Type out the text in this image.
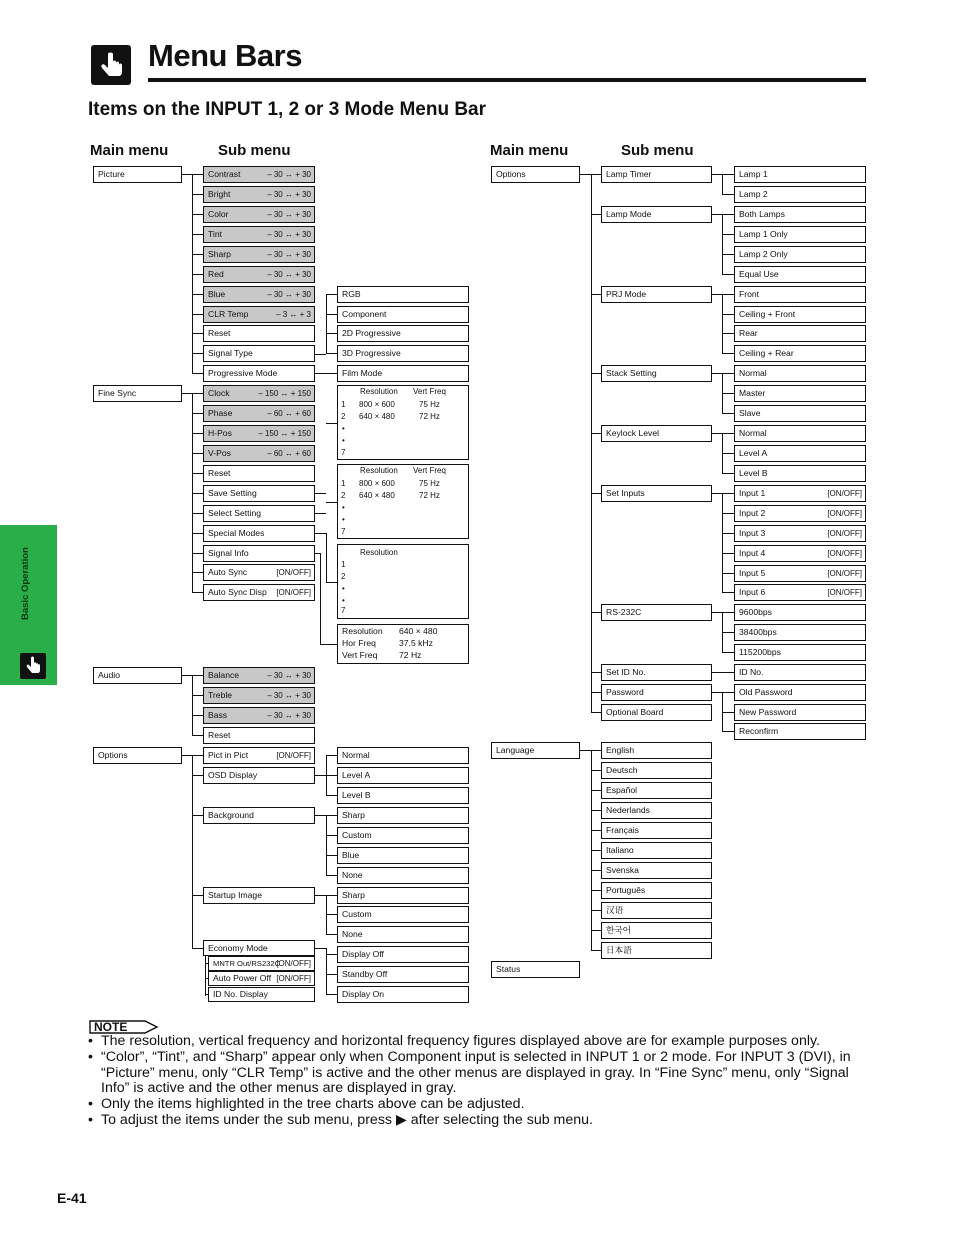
Menu Bars
Items on the INPUT 1, 2 or 3 Mode Menu Bar
Main menu	Sub menu	Main menu	Sub menu
Picture
Fine Sync
Audio
Options
Contrast	– 30 ↔ + 30
Bright	– 30 ↔ + 30
Color	– 30 ↔ + 30
Tint	– 30 ↔ + 30
Sharp	– 30 ↔ + 30
Red	– 30 ↔ + 30
Blue	– 30 ↔ + 30
CLR Temp	– 3 ↔ + 3
Reset
Signal Type
Progressive Mode
Clock	– 150 ↔ + 150
Phase	– 60 ↔ + 60
H-Pos	– 150 ↔ + 150
V-Pos	– 60 ↔ + 60
Reset
Save Setting
Select Setting
Special Modes
Signal Info
Auto Sync	[ON/OFF]
Auto Sync Disp [ON/OFF]
Balance	– 30 ↔ + 30
Treble	– 30 ↔ + 30
Bass	– 30 ↔ + 30
Reset
Pict in Pict	[ON/OFF]
OSD Display
Background
Startup Image
Economy Mode
MNTR Out/RS232C
[ON/OFF]
Auto Power Off [ON/OFF]
ID No. Display
RGB
Component
2D Progressive
3D Progressive
Film Mode
Normal
Level A
Level B
Sharp
Custom
Blue
None
Sharp
Custom
None
Display Off
Standby Off
Display On
Options
Language
Status
Lamp Timer
Lamp Mode
PRJ Mode
Stack Setting
Keylock Level
Set Inputs
RS-232C
Set ID No.
Password
Optional Board
English
Deutsch
Español
Nederlands
Français
Italiano
Svenska
Português
汉语
한국어
日本語
Lamp 1
Lamp 2
Both Lamps
Lamp 1 Only
Lamp 2 Only
Equal Use
Front
Ceiling + Front
Rear
Ceiling + Rear
Normal
Master
Slave
Normal
Level A
Level B
Input 1	[ON/OFF]
Input 2	[ON/OFF]
Input 3	[ON/OFF]
Input 4	[ON/OFF]
Input 5	[ON/OFF]
Input 6	[ON/OFF]
9600bps
38400bps
115200bps
ID No.
Old Password
New Password
Reconfirm
Resolution Vert Freq
1 800 × 600	75 Hz
2 640 × 480	72 Hz
•
•
7
Resolution Vert Freq
1 800 × 600	75 Hz
2 640 × 480	72 Hz
•
•
7
Resolution
1
2
•
•
7
Resolution 640 × 480
Hor Freq	37.5 kHz
Vert Freq	72 Hz
Basic Operation
NOTE
• The resolution, vertical frequency and horizontal frequency figures displayed above are for example purposes only.
• “Color”, “Tint”, and “Sharp” appear only when Component input is selected in INPUT 1 or 2 mode. For INPUT 3 (DVI), in “Picture” menu, only “CLR Temp” is active and the other menus are displayed in gray. In “Fine Sync” menu, only “Signal Info” is active and the other menus are displayed in gray.
• Only the items highlighted in the tree charts above can be adjusted.
• To adjust the items under the sub menu, press ▶ after selecting the sub menu.
E-41
